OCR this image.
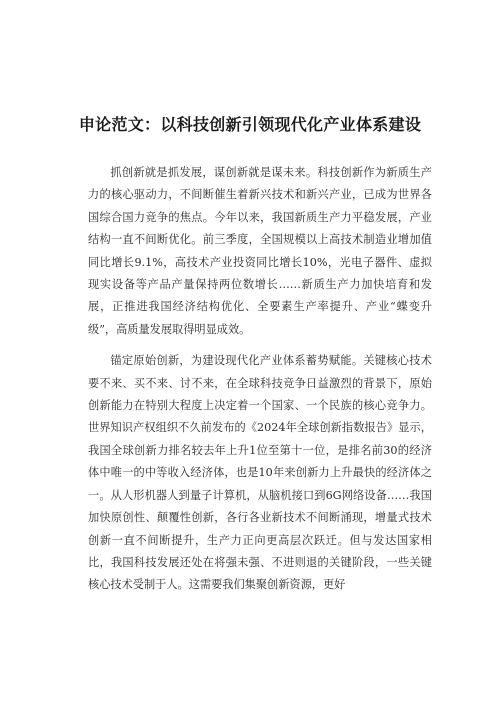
申论范文：以科技创新引领现代化产业体系建设

抓创新就是抓发展，谋创新就是谋未来。科技创新作为新质生产力的核心驱动力，不间断催生着新兴技术和新兴产业，已成为世界各国综合国力竞争的焦点。今年以来，我国新质生产力平稳发展，产业结构一直不间断优化。前三季度，全国规模以上高技术制造业增加值同比增长9.1%，高技术产业投资同比增长10%，光电子器件、虚拟现实设备等产品产量保持两位数增长……新质生产力加快培育和发展，正推进我国经济结构优化、全要素生产率提升、产业“蝶变升级”，高质量发展取得明显成效。

锚定原始创新，为建设现代化产业体系蓄势赋能。关键核心技术要不来、买不来、讨不来，在全球科技竞争日益激烈的背景下，原始创新能力在特别大程度上决定着一个国家、一个民族的核心竞争力。世界知识产权组织不久前发布的《2024年全球创新指数报告》显示，我国全球创新力排名较去年上升1位至第十一位，是排名前30的经济体中唯一的中等收入经济体，也是10年来创新力上升最快的经济体之一。从人形机器人到量子计算机，从脑机接口到6G网络设备……我国加快原创性、颠覆性创新，各行各业新技术不间断涌现，增量式技术创新一直不间断提升，生产力正向更高层次跃迁。但与发达国家相比，我国科技发展还处在将强未强、不进则退的关键阶段，一些关键核心技术受制于人。这需要我们集聚创新资源，更好
